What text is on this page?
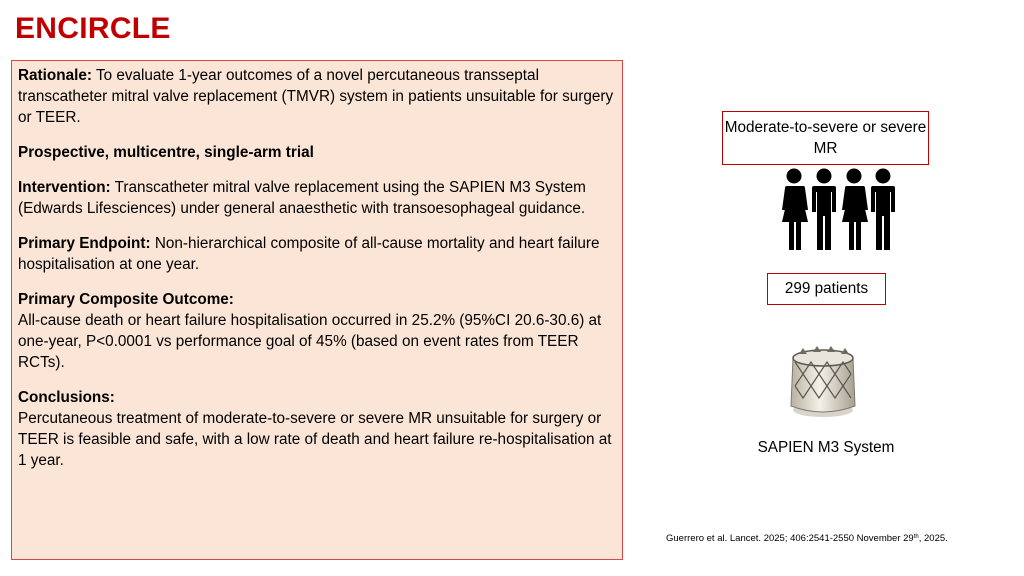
ENCIRCLE

Rationale: To evaluate 1-year outcomes of a novel percutaneous transseptal transcatheter mitral valve replacement (TMVR) system in patients unsuitable for surgery or TEER.

Prospective, multicentre, single-arm trial

Intervention: Transcatheter mitral valve replacement using the SAPIEN M3 System (Edwards Lifesciences) under general anaesthetic with transoesophageal guidance.

Primary Endpoint: Non-hierarchical composite of all-cause mortality and heart failure hospitalisation at one year.

Primary Composite Outcome:
All-cause death or heart failure hospitalisation occurred in 25.2% (95%CI 20.6-30.6) at one-year, P<0.0001 vs performance goal of 45% (based on event rates from TEER RCTs).

Conclusions:
Percutaneous treatment of moderate-to-severe or severe MR unsuitable for surgery or TEER is feasible and safe, with a low rate of death and heart failure re-hospitalisation at 1 year.

Moderate-to-severe or severe MR
299 patients
SAPIEN M3 System
Guerrero et al. Lancet. 2025; 406:2541-2550 November 29th, 2025.
